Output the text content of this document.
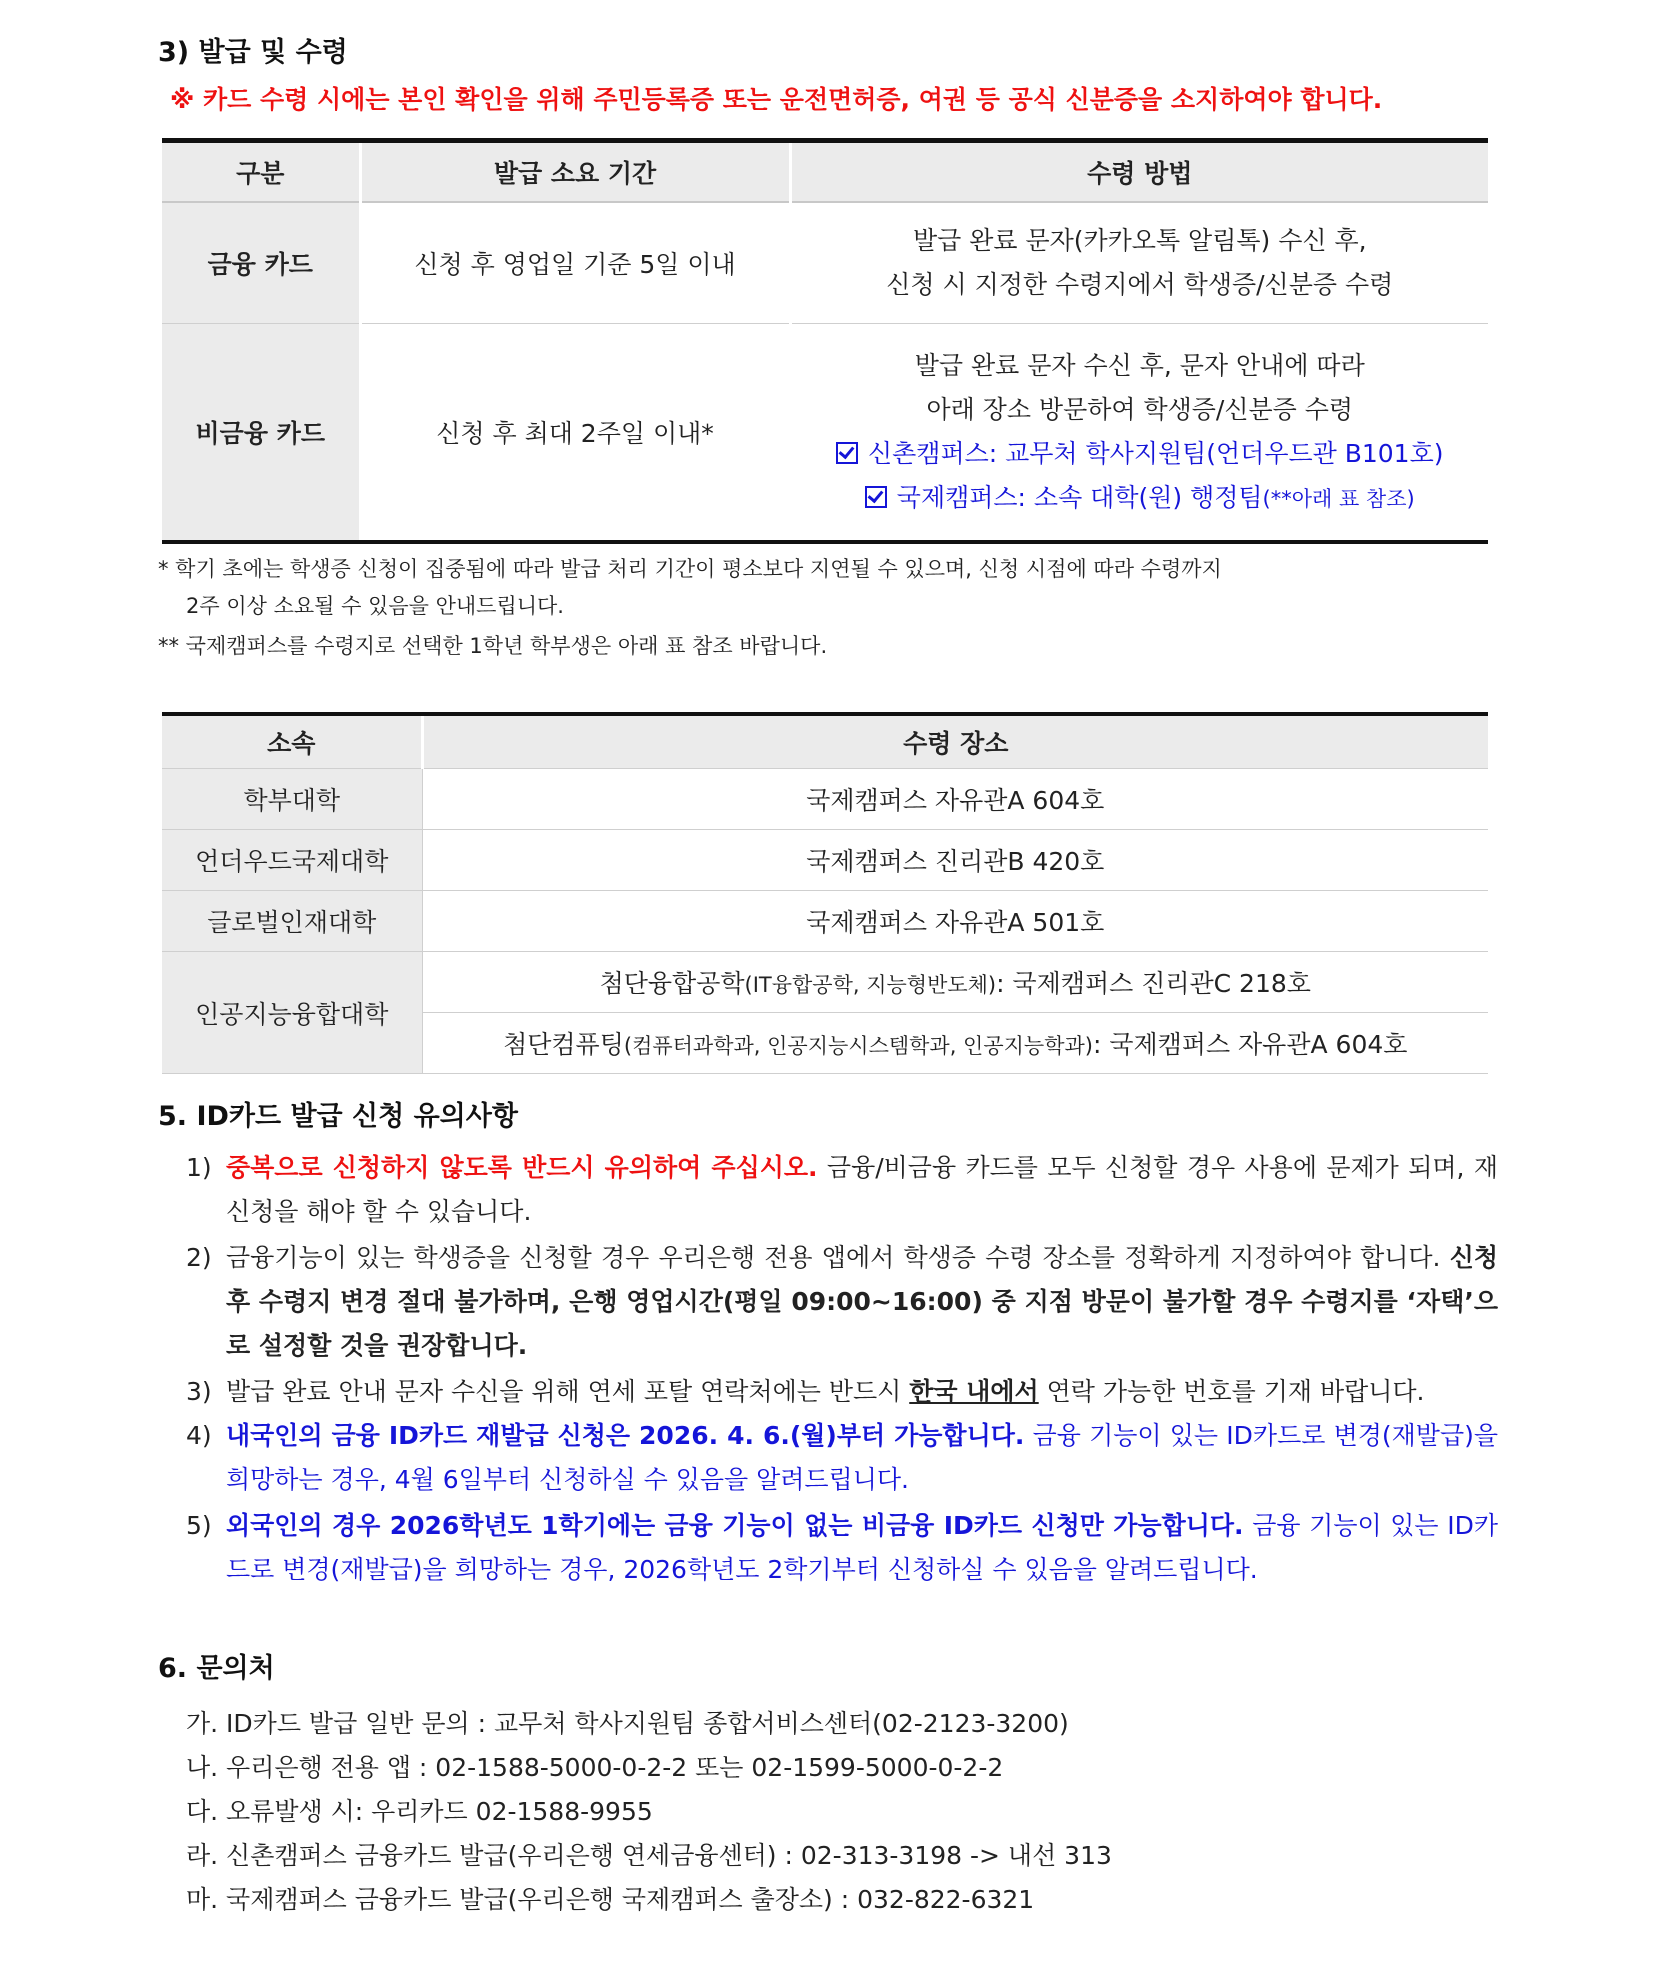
3) 발급 및 수령
※ 카드 수령 시에는 본인 확인을 위해 주민등록증 또는 운전면허증, 여권 등 공식 신분증을 소지하여야 합니다.
구분	발급 소요 기간	수령 방법
금융 카드	신청 후 영업일 기준 5일 이내	발급 완료 문자(카카오톡 알림톡) 수신 후,
신청 시 지정한 수령지에서 학생증/신분증 수령

비금융 카드	신청 후 최대 2주일 이내*	발급 완료 문자 수신 후, 문자 안내에 따라
아래 장소 방문하여 학생증/신분증 수령
신촌캠퍼스: 교무처 학사지원팀(언더우드관 B101호)
국제캠퍼스: 소속 대학(원) 행정팀(**아래 표 참조)
* 학기 초에는 학생증 신청이 집중됨에 따라 발급 처리 기간이 평소보다 지연될 수 있으며, 신청 시점에 따라 수령까지
2주 이상 소요될 수 있음을 안내드립니다.
** 국제캠퍼스를 수령지로 선택한 1학년 학부생은 아래 표 참조 바랍니다.
소속	수령 장소
학부대학	국제캠퍼스 자유관A 604호
언더우드국제대학	국제캠퍼스 진리관B 420호
글로벌인재대학	국제캠퍼스 자유관A 501호
인공지능융합대학	첨단융합공학(IT융합공학, 지능형반도체): 국제캠퍼스 진리관C 218호
	첨단컴퓨팅(컴퓨터과학과, 인공지능시스템학과, 인공지능학과): 국제캠퍼스 자유관A 604호
5. ID카드 발급 신청 유의사항
1) 중복으로 신청하지 않도록 반드시 유의하여 주십시오. 금융/비금융 카드를 모두 신청할 경우 사용에 문제가 되며, 재신청을 해야 할 수 있습니다.
2) 금융기능이 있는 학생증을 신청할 경우 우리은행 전용 앱에서 학생증 수령 장소를 정확하게 지정하여야 합니다. 신청 후 수령지 변경 절대 불가하며, 은행 영업시간(평일 09:00~16:00) 중 지점 방문이 불가할 경우 수령지를 ‘자택’으로 설정할 것을 권장합니다.
3) 발급 완료 안내 문자 수신을 위해 연세 포탈 연락처에는 반드시 한국 내에서 연락 가능한 번호를 기재 바랍니다.
4) 내국인의 금융 ID카드 재발급 신청은 2026. 4. 6.(월)부터 가능합니다. 금융 기능이 있는 ID카드로 변경(재발급)을 희망하는 경우, 4월 6일부터 신청하실 수 있음을 알려드립니다.
5) 외국인의 경우 2026학년도 1학기에는 금융 기능이 없는 비금융 ID카드 신청만 가능합니다. 금융 기능이 있는 ID카드로 변경(재발급)을 희망하는 경우, 2026학년도 2학기부터 신청하실 수 있음을 알려드립니다.
6. 문의처
가. ID카드 발급 일반 문의 : 교무처 학사지원팀 종합서비스센터(02-2123-3200)
나. 우리은행 전용 앱 : 02-1588-5000-0-2-2 또는 02-1599-5000-0-2-2
다. 오류발생 시: 우리카드 02-1588-9955
라. 신촌캠퍼스 금융카드 발급(우리은행 연세금융센터) : 02-313-3198 -> 내선 313
마. 국제캠퍼스 금융카드 발급(우리은행 국제캠퍼스 출장소) : 032-822-6321
